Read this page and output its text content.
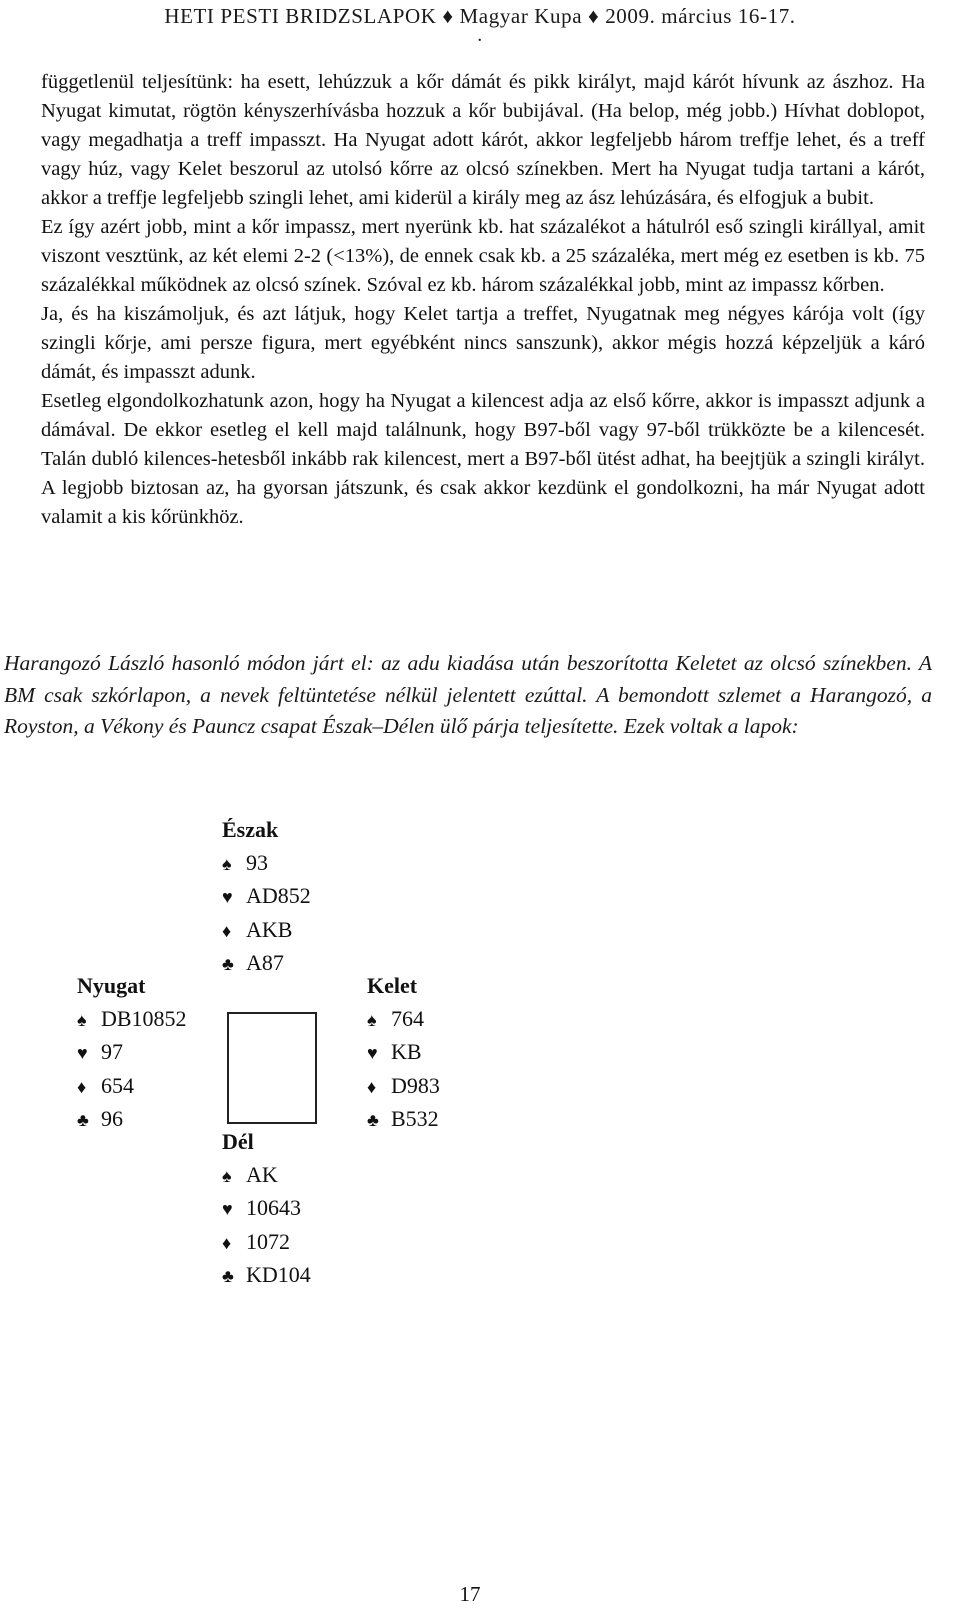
HETI PESTI BRIDZSLAPOK ♦ Magyar Kupa ♦ 2009. március 16-17.
.

függetlenül teljesítünk: ha esett, lehúzzuk a kőr dámát és pikk királyt, majd kárót hívunk az ászhoz. Ha Nyugat kimutat, rögtön kényszerhívásba hozzuk a kőr bubijával. (Ha belop, még jobb.) Hívhat doblopot, vagy megadhatja a treff impasszt. Ha Nyugat adott kárót, akkor legfeljebb három treffje lehet, és a treff vagy húz, vagy Kelet beszorul az utolsó kőrre az olcsó színekben. Mert ha Nyugat tudja tartani a kárót, akkor a treffje legfeljebb szingli lehet, ami kiderül a király meg az ász lehúzására, és elfogjuk a bubit.

Ez így azért jobb, mint a kőr impassz, mert nyerünk kb. hat százalékot a hátulról eső szingli királlyal, amit viszont vesztünk, az két elemi 2-2 (<13%), de ennek csak kb. a 25 százaléka, mert még ez esetben is kb. 75 százalékkal működnek az olcsó színek. Szóval ez kb. három százalékkal jobb, mint az impassz kőrben.

Ja, és ha kiszámoljuk, és azt látjuk, hogy Kelet tartja a treffet, Nyugatnak meg négyes kárója volt (így szingli kőrje, ami persze figura, mert egyébként nincs sanszunk), akkor mégis hozzá képzeljük a káró dámát, és impasszt adunk.

Esetleg elgondolkozhatunk azon, hogy ha Nyugat a kilencest adja az első kőrre, akkor is impasszt adjunk a dámával. De ekkor esetleg el kell majd találnunk, hogy B97-ből vagy 97-ből trükközte be a kilencesét. Talán dubló kilences-hetesből inkább rak kilencest, mert a B97-ből ütést adhat, ha beejtjük a szingli királyt. A legjobb biztosan az, ha gyorsan játszunk, és csak akkor kezdünk el gondolkozni, ha már Nyugat adott valamit a kis kőrünkhöz.

Harangozó László hasonló módon járt el: az adu kiadása után beszorította Keletet az olcsó színekben. A BM csak szkórlapon, a nevek feltüntetése nélkül jelentett ezúttal. A bemondott szlemet a Harangozó, a Royston, a Vékony és Pauncz csapat Észak–Délen ülő párja teljesítette. Ezek voltak a lapok:
Észak
♠ 93
♥ AD852
♦ AKB
♣ A87
Nyugat
♠ DB10852
♥ 97
♦ 654
♣ 96
Kelet
♠ 764
♥ KB
♦ D983
♣ B532
Dél
♠ AK
♥ 10643
♦ 1072
♣ KD104
17
